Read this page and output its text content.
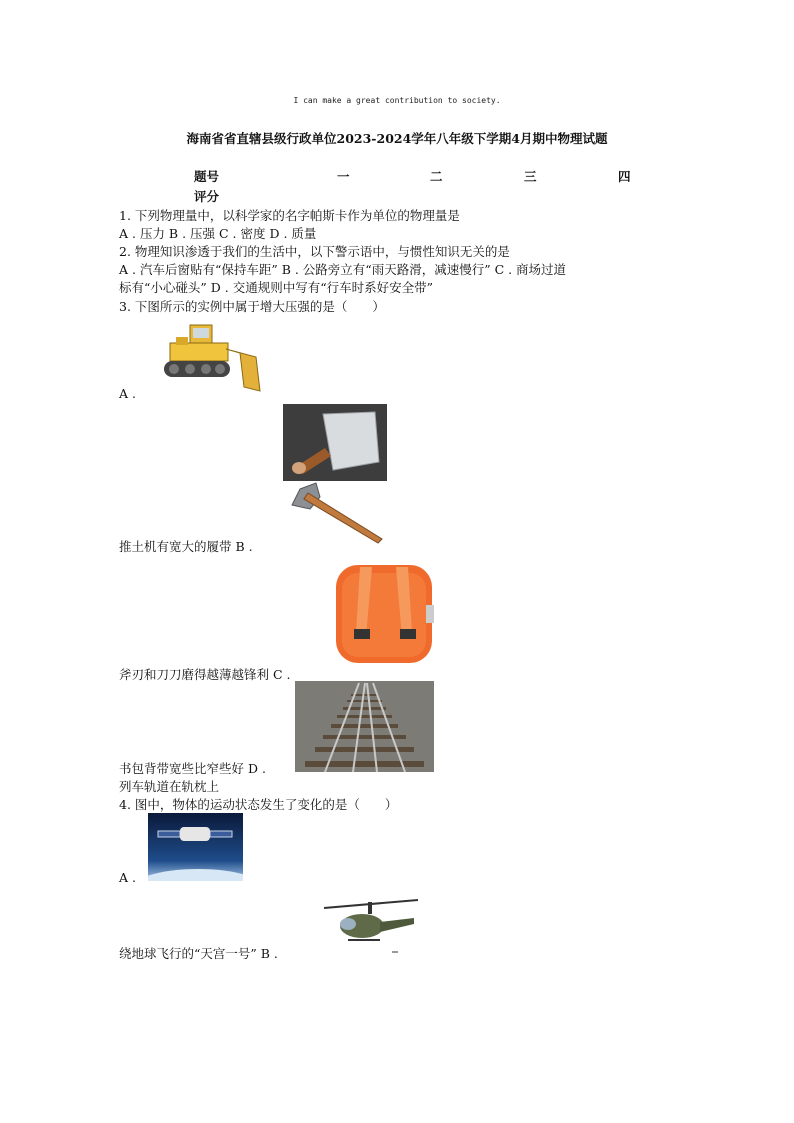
I can make a great contribution to society.
海南省省直辖县级行政单位2023-2024学年八年级下学期4月期中物理试题
题号	一	二	三	四
评分
1. 下列物理量中，以科学家的名字帕斯卡作为单位的物理量是
A . 压力 B . 压强 C . 密度 D . 质量
2. 物理知识渗透于我们的生活中，以下警示语中，与惯性知识无关的是
A . 汽车后窗贴有“保持车距” B . 公路旁立有“雨天路滑，减速慢行” C . 商场过道
标有“小心碰头” D . 交通规则中写有“行车时系好安全带”
3. 下图所示的实例中属于增大压强的是（　　）
A .
推土机有宽大的履带 B .
斧刃和刀刀磨得越薄越锋利 C .
书包背带宽些比窄些好 D .
列车轨道在轨枕上
4. 图中，物体的运动状态发生了变化的是（　　）
A .
绕地球飞行的“天宫一号” B .
